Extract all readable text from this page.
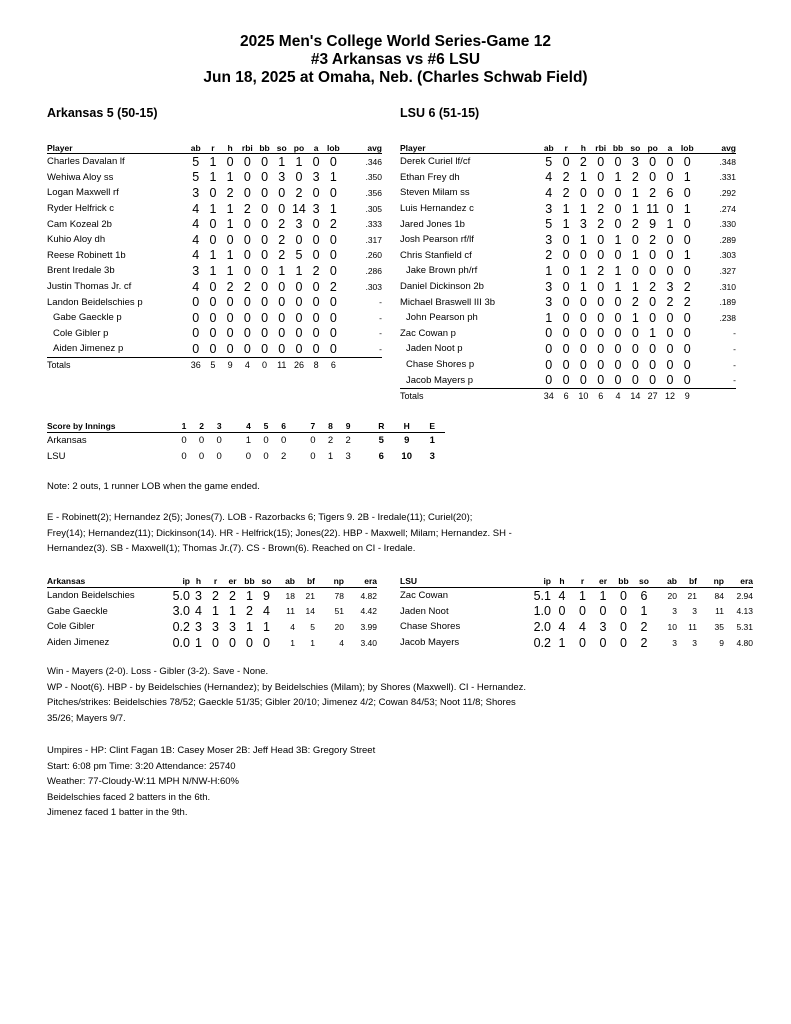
2025 Men's College World Series-Game 12
#3 Arkansas vs #6 LSU
Jun 18, 2025 at Omaha, Neb. (Charles Schwab Field)
Arkansas 5 (50-15)	LSU 6 (51-15)
Player	ab	r	h	rbi	bb	so	po	a	lob	avg
Charles Davalan lf	5	1	0	0	0	1	1	0	0	.346
Wehiwa Aloy ss	5	1	1	0	0	3	0	3	1	.350
Logan Maxwell rf	3	0	2	0	0	0	2	0	0	.356
Ryder Helfrick c	4	1	1	2	0	0	14	3	1	.305
Cam Kozeal 2b	4	0	1	0	0	2	3	0	2	.333
Kuhio Aloy dh	4	0	0	0	0	2	0	0	0	.317
Reese Robinett 1b	4	1	1	0	0	2	5	0	0	.260
Brent Iredale 3b	3	1	1	0	0	1	1	2	0	.286
Justin Thomas Jr. cf	4	0	2	2	0	0	0	0	2	.303
Landon Beidelschies p	0	0	0	0	0	0	0	0	0	-
Gabe Gaeckle p	0	0	0	0	0	0	0	0	0	-
Cole Gibler p	0	0	0	0	0	0	0	0	0	-
Aiden Jimenez p	0	0	0	0	0	0	0	0	0	-
Totals	36	5	9	4	0	11	26	8	6	
Player	ab	r	h	rbi	bb	so	po	a	lob	avg
Derek Curiel lf/cf	5	0	2	0	0	3	0	0	0	.348
Ethan Frey dh	4	2	1	0	1	2	0	0	1	.331
Steven Milam ss	4	2	0	0	0	1	2	6	0	.292
Luis Hernandez c	3	1	1	2	0	1	11	0	1	.274
Jared Jones 1b	5	1	3	2	0	2	9	1	0	.330
Josh Pearson rf/lf	3	0	1	0	1	0	2	0	0	.289
Chris Stanfield cf	2	0	0	0	0	1	0	0	1	.303
Jake Brown ph/rf	1	0	1	2	1	0	0	0	0	.327
Daniel Dickinson 2b	3	0	1	0	1	1	2	3	2	.310
Michael Braswell III 3b	3	0	0	0	0	2	0	2	2	.189
John Pearson ph	1	0	0	0	0	1	0	0	0	.238
Zac Cowan p	0	0	0	0	0	0	1	0	0	-
Jaden Noot p	0	0	0	0	0	0	0	0	0	-
Chase Shores p	0	0	0	0	0	0	0	0	0	-
Jacob Mayers p	0	0	0	0	0	0	0	0	0	-
Totals	34	6	10	6	4	14	27	12	9	
Score by Innings	1	2	3		4	5	6		7	8	9		R	H	E
Arkansas	0	0	0		1	0	0		0	2	2		5	9	1
LSU	0	0	0		0	0	2		0	1	3		6	10	3
Note: 2 outs, 1 runner LOB when the game ended.
E - Robinett(2); Hernandez 2(5); Jones(7). LOB - Razorbacks 6; Tigers 9. 2B - Iredale(11); Curiel(20);
Frey(14); Hernandez(11); Dickinson(14). HR - Helfrick(15); Jones(22). HBP - Maxwell; Milam; Hernandez. SH -
Hernandez(3). SB - Maxwell(1); Thomas Jr.(7). CS - Brown(6). Reached on CI - Iredale.
Arkansas	ip	h	r	er	bb	so	ab	bf	np	era
Landon Beidelschies	5.0	3	2	2	1	9	18	21	78	4.82
Gabe Gaeckle	3.0	4	1	1	2	4	11	14	51	4.42
Cole Gibler	0.2	3	3	3	1	1	4	5	20	3.99
Aiden Jimenez	0.0	1	0	0	0	0	1	1	4	3.40
LSU	ip	h	r	er	bb	so	ab	bf	np	era
Zac Cowan	5.1	4	1	1	0	6	20	21	84	2.94
Jaden Noot	1.0	0	0	0	0	1	3	3	11	4.13
Chase Shores	2.0	4	4	3	0	2	10	11	35	5.31
Jacob Mayers	0.2	1	0	0	0	2	3	3	9	4.80
Win - Mayers (2-0). Loss - Gibler (3-2). Save - None.
WP - Noot(6). HBP - by Beidelschies (Hernandez); by Beidelschies (Milam); by Shores (Maxwell). CI - Hernandez.
Pitches/strikes: Beidelschies 78/52; Gaeckle 51/35; Gibler 20/10; Jimenez 4/2; Cowan 84/53; Noot 11/8; Shores
35/26; Mayers 9/7.
Umpires - HP: Clint Fagan 1B: Casey Moser 2B: Jeff Head 3B: Gregory Street
Start: 6:08 pm Time: 3:20 Attendance: 25740
Weather: 77-Cloudy-W:11 MPH N/NW-H:60%
Beidelschies faced 2 batters in the 6th.
Jimenez faced 1 batter in the 9th.
